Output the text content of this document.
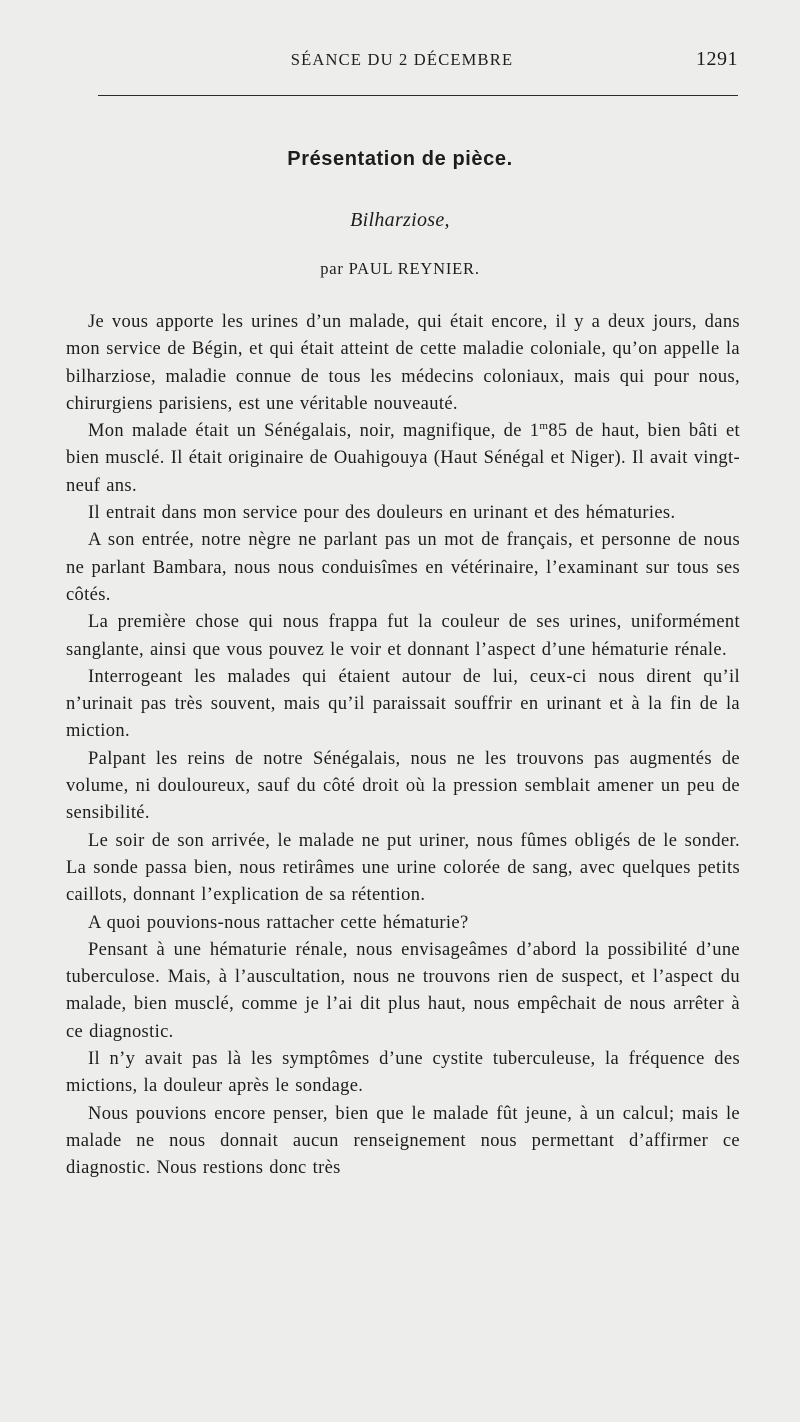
SÉANCE DU 2 DÉCEMBRE	1291
Présentation de pièce.
Bilharziose,
par PAUL REYNIER.

Je vous apporte les urines d’un malade, qui était encore, il y a deux jours, dans mon service de Bégin, et qui était atteint de cette maladie coloniale, qu’on appelle la bilharziose, maladie connue de tous les médecins coloniaux, mais qui pour nous, chirurgiens parisiens, est une véritable nouveauté.

Mon malade était un Sénégalais, noir, magnifique, de 1$^m$85 de haut, bien bâti et bien musclé. Il était originaire de Ouahigouya (Haut Sénégal et Niger). Il avait vingt-neuf ans.

Il entrait dans mon service pour des douleurs en urinant et des hématuries.

A son entrée, notre nègre ne parlant pas un mot de français, et personne de nous ne parlant Bambara, nous nous conduisîmes en vétérinaire, l’examinant sur tous ses côtés.

La première chose qui nous frappa fut la couleur de ses urines, uniformément sanglante, ainsi que vous pouvez le voir et donnant l’aspect d’une hématurie rénale.

Interrogeant les malades qui étaient autour de lui, ceux-ci nous dirent qu’il n’urinait pas très souvent, mais qu’il paraissait souffrir en urinant et à la fin de la miction.

Palpant les reins de notre Sénégalais, nous ne les trouvons pas augmentés de volume, ni douloureux, sauf du côté droit où la pression semblait amener un peu de sensibilité.

Le soir de son arrivée, le malade ne put uriner, nous fûmes obligés de le sonder. La sonde passa bien, nous retirâmes une urine colorée de sang, avec quelques petits caillots, donnant l’explication de sa rétention.

A quoi pouvions-nous rattacher cette hématurie?

Pensant à une hématurie rénale, nous envisageâmes d’abord la possibilité d’une tuberculose. Mais, à l’auscultation, nous ne trouvons rien de suspect, et l’aspect du malade, bien musclé, comme je l’ai dit plus haut, nous empêchait de nous arrêter à ce diagnostic.

Il n’y avait pas là les symptômes d’une cystite tuberculeuse, la fréquence des mictions, la douleur après le sondage.

Nous pouvions encore penser, bien que le malade fût jeune, à un calcul; mais le malade ne nous donnait aucun renseignement nous permettant d’affirmer ce diagnostic. Nous restions donc très
